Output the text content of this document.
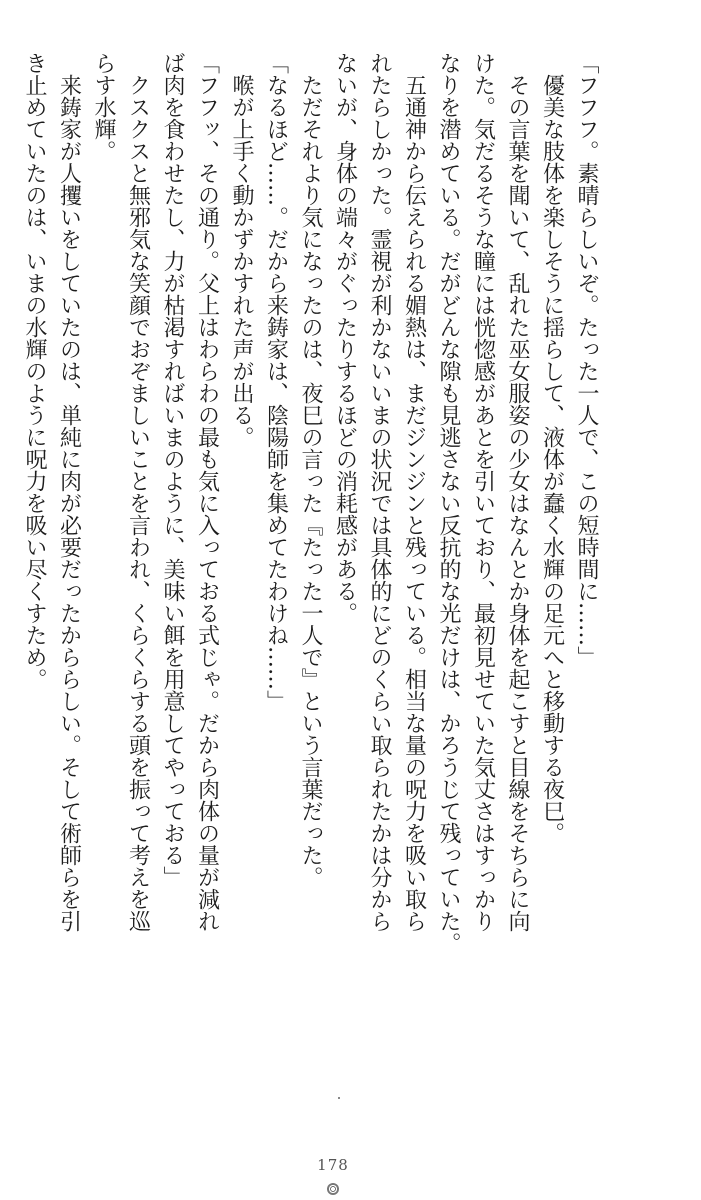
「フフフ。素晴らしいぞ。たった一人で、この短時間に……」
　優美な肢体を楽しそうに揺らして、液体が蠢く水輝の足元へと移動する夜巳。
　その言葉を聞いて、乱れた巫女服姿の少女はなんとか身体を起こすと目線をそちらに向
けた。気だるそうな瞳には恍惚感があとを引いており、最初見せていた気丈さはすっかり
なりを潜めている。だがどんな隙も見逃さない反抗的な光だけは、かろうじて残っていた。
　五通神から伝えられる媚熱は、まだジンジンと残っている。相当な量の呪力を吸い取ら
れたらしかった。霊視が利かないいまの状況では具体的にどのくらい取られたかは分から
ないが、身体の端々がぐったりするほどの消耗感がある。
　ただそれより気になったのは、夜巳の言った『たった一人で』という言葉だった。
「なるほど……。だから来鋳家は、陰陽師を集めてたわけね……」
　喉が上手く動かずかすれた声が出る。
「フフッ、その通り。父上はわらわの最も気に入っておる式じゃ。だから肉体の量が減れ
ば肉を食わせたし、力が枯渇すればいまのように、美味い餌を用意してやっておる」
　クスクスと無邪気な笑顔でおぞましいことを言われ、くらくらする頭を振って考えを巡
らす水輝。
　来鋳家が人攫いをしていたのは、単純に肉が必要だったかららしい。そして術師らを引
き止めていたのは、いまの水輝のように呪力を吸い尽くすため。
178
